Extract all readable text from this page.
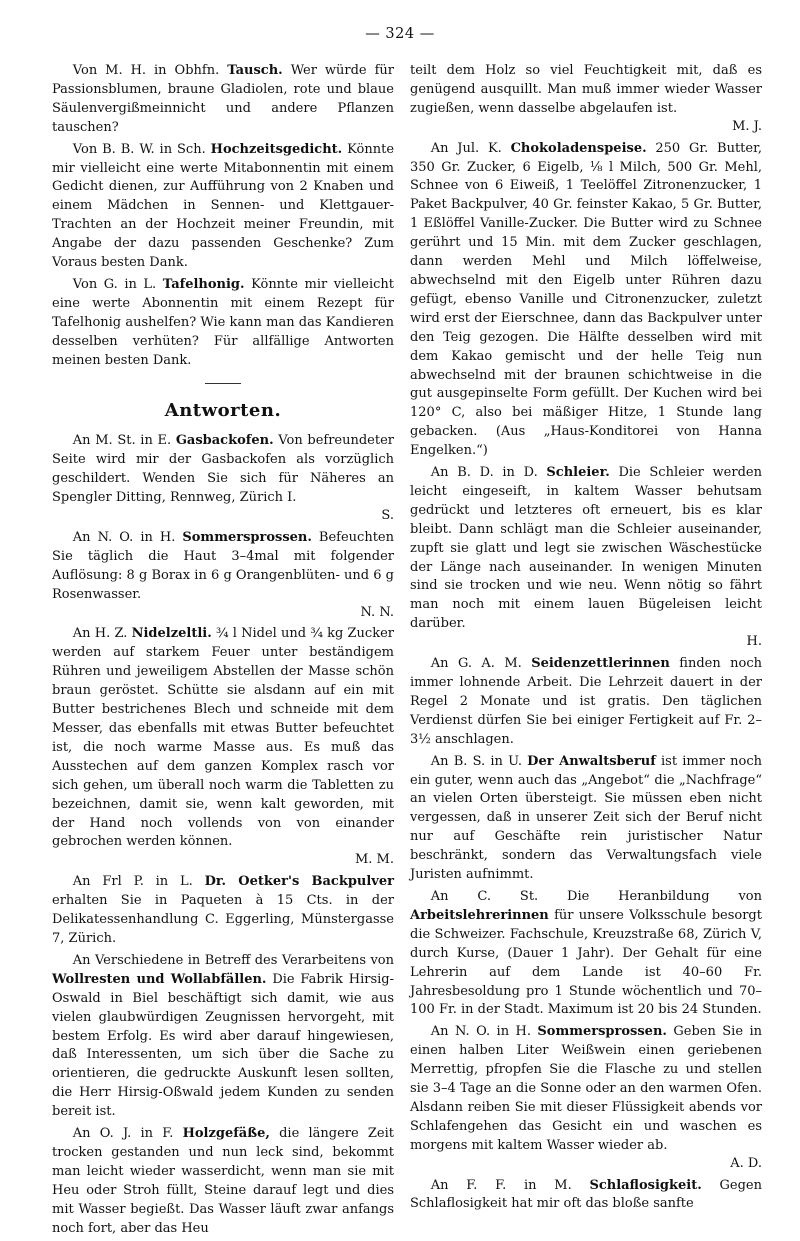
— 324 —

Von M. H. in Obhfn. Tausch. Wer würde für Passionsblumen, braune Gladiolen, rote und blaue Säulenvergißmeinnicht und andere Pflanzen tauschen?

Von B. B. W. in Sch. Hochzeitsgedicht. Könnte mir vielleicht eine werte Mitabonnentin mit einem Gedicht dienen, zur Aufführung von 2 Knaben und einem Mädchen in Sennen- und Klettgauer-Trachten an der Hochzeit meiner Freundin, mit Angabe der dazu passenden Geschenke? Zum Voraus besten Dank.

Von G. in L. Tafelhonig. Könnte mir vielleicht eine werte Abonnentin mit einem Rezept für Tafelhonig aushelfen? Wie kann man das Kandieren desselben verhüten? Für allfällige Antworten meinen besten Dank.

Antworten.

An M. St. in E. Gasbackofen. Von befreundeter Seite wird mir der Gasbackofen als vorzüglich geschildert. Wenden Sie sich für Näheres an Spengler Ditting, Rennweg, Zürich I.
S.

An N. O. in H. Sommersprossen. Befeuchten Sie täglich die Haut 3–4mal mit folgender Auflösung: 8 g Borax in 6 g Orangenblüten- und 6 g Rosenwasser.
N. N.

An H. Z. Nidelzeltli. ¾ l Nidel und ¾ kg Zucker werden auf starkem Feuer unter beständigem Rühren und jeweiligem Abstellen der Masse schön braun geröstet. Schütte sie alsdann auf ein mit Butter bestrichenes Blech und schneide mit dem Messer, das ebenfalls mit etwas Butter befeuchtet ist, die noch warme Masse aus. Es muß das Ausstechen auf dem ganzen Komplex rasch vor sich gehen, um überall noch warm die Tabletten zu bezeichnen, damit sie, wenn kalt geworden, mit der Hand noch vollends von von einander gebrochen werden können.
M. M.

An Frl P. in L. Dr. Oetker's Backpulver erhalten Sie in Paqueten à 15 Cts. in der Delikatessenhandlung C. Eggerling, Münstergasse 7, Zürich.

An Verschiedene in Betreff des Verarbeitens von Wollresten und Wollabfällen. Die Fabrik Hirsig-Oswald in Biel beschäftigt sich damit, wie aus vielen glaubwürdigen Zeugnissen hervorgeht, mit bestem Erfolg. Es wird aber darauf hingewiesen, daß Interessenten, um sich über die Sache zu orientieren, die gedruckte Auskunft lesen sollten, die Herr Hirsig-Oßwald jedem Kunden zu senden bereit ist.

An O. J. in F. Holzgefäße, die längere Zeit trocken gestanden und nun leck sind, bekommt man leicht wieder wasserdicht, wenn man sie mit Heu oder Stroh füllt, Steine darauf legt und dies mit Wasser begießt. Das Wasser läuft zwar anfangs noch fort, aber das Heu

teilt dem Holz so viel Feuchtigkeit mit, daß es genügend ausquillt. Man muß immer wieder Wasser zugießen, wenn dasselbe abgelaufen ist.
M. J.

An Jul. K. Chokoladenspeise. 250 Gr. Butter, 350 Gr. Zucker, 6 Eigelb, ⅛ l Milch, 500 Gr. Mehl, Schnee von 6 Eiweiß, 1 Teelöffel Zitronenzucker, 1 Paket Backpulver, 40 Gr. feinster Kakao, 5 Gr. Butter, 1 Eßlöffel Vanille-Zucker. Die Butter wird zu Schnee gerührt und 15 Min. mit dem Zucker geschlagen, dann werden Mehl und Milch löffelweise, abwechselnd mit den Eigelb unter Rühren dazu gefügt, ebenso Vanille und Citronenzucker, zuletzt wird erst der Eierschnee, dann das Backpulver unter den Teig gezogen. Die Hälfte desselben wird mit dem Kakao gemischt und der helle Teig nun abwechselnd mit der braunen schichtweise in die gut ausgepinselte Form gefüllt. Der Kuchen wird bei 120° C, also bei mäßiger Hitze, 1 Stunde lang gebacken. (Aus „Haus-Konditorei von Hanna Engelken.“)

An B. D. in D. Schleier. Die Schleier werden leicht eingeseift, in kaltem Wasser behutsam gedrückt und letzteres oft erneuert, bis es klar bleibt. Dann schlägt man die Schleier auseinander, zupft sie glatt und legt sie zwischen Wäschestücke der Länge nach auseinander. In wenigen Minuten sind sie trocken und wie neu. Wenn nötig so fährt man noch mit einem lauen Bügeleisen leicht darüber.
H.

An G. A. M. Seidenzettlerinnen finden noch immer lohnende Arbeit. Die Lehrzeit dauert in der Regel 2 Monate und ist gratis. Den täglichen Verdienst dürfen Sie bei einiger Fertigkeit auf Fr. 2–3½ anschlagen.

An B. S. in U. Der Anwaltsberuf ist immer noch ein guter, wenn auch das „Angebot“ die „Nachfrage“ an vielen Orten übersteigt. Sie müssen eben nicht vergessen, daß in unserer Zeit sich der Beruf nicht nur auf Geschäfte rein juristischer Natur beschränkt, sondern das Verwaltungsfach viele Juristen aufnimmt.

An C. St. Die Heranbildung von Arbeitslehrerinnen für unsere Volksschule besorgt die Schweizer. Fachschule, Kreuzstraße 68, Zürich V, durch Kurse, (Dauer 1 Jahr). Der Gehalt für eine Lehrerin auf dem Lande ist 40–60 Fr. Jahresbesoldung pro 1 Stunde wöchentlich und 70–100 Fr. in der Stadt. Maximum ist 20 bis 24 Stunden.

An N. O. in H. Sommersprossen. Geben Sie in einen halben Liter Weißwein einen geriebenen Merrettig, pfropfen Sie die Flasche zu und stellen sie 3–4 Tage an die Sonne oder an den warmen Ofen. Alsdann reiben Sie mit dieser Flüssigkeit abends vor Schlafengehen das Gesicht ein und waschen es morgens mit kaltem Wasser wieder ab.
A. D.

An F. F. in M. Schlaflosigkeit. Gegen Schlaflosigkeit hat mir oft das bloße sanfte
